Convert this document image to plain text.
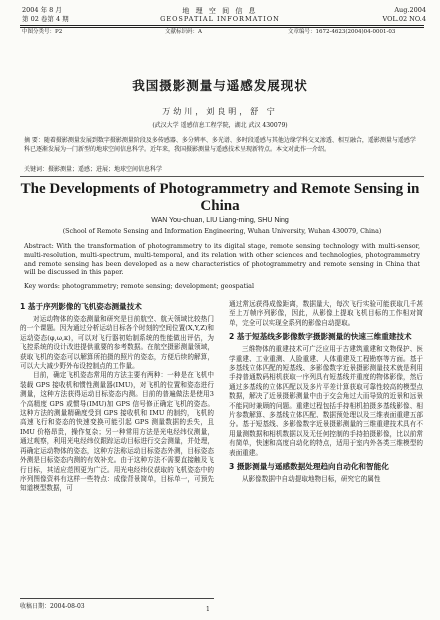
2004 年 8 月
第 02 卷第 4 期
地 理 空 间 信 息
GEOSPATIAL INFORMATION
Aug.2004
VOL.02 NO.4
中图分类号：P2	文献标识码：A	文章编号：1672-4623(2004)04-0001-03
我国摄影测量与遥感发展现状
万幼川，刘良明，舒 宁
(武汉大学 遥感信息工程学院，湖北 武汉 430079)
摘 要：随着摄影测量发展到数字摄影测量阶段及多传感器、多分辨率、多光谱、多时段遥感与其他边缘学科交叉渗透、相互融合，遥影测量与遥感学科已逐渐发展为一门新型的地球空间信息科学。近年来，我国摄影测量与遥感技术呈现新特点。本文对此作一介绍。
关键词：摄影测量；遥感；进展；地球空间信息科学
The Developments of Photogrammetry and Remote Sensing in China
WAN You-chuan, LIU Liang-ming, SHU Ning
(School of Remote Sensing and Information Engineering, Wuhan University, Wuhan 430079, China)
Abstract: With the transformation of photogrammetry to its digital stage, remote sensing technology with multi-sensor, multi-resolution, multi-spectrum, multi-temporal, and its relation with other sciences and technologies, photogrammetry and remote sensing has been developed as a new characteristics of photogrammetry and remote sensing in China that will be discussed in this paper.
Key words: photogrammetry; remote sensing; development; geospatial
1 基于序列影像的飞机姿态测量技术

对运动物体的姿态测量和研究是目前航空、航天领域比较热门的一个课题。因为通过分析运动目标各个时刻的空间位置(X,Y,Z)和运动姿态(φ,ω,κ)，可以对飞行器初始制系统的性能做出评估，为飞控系统的设计改进提供重要的参考数据。在航空摄影测量领域，获取飞机的姿态可以解算所拍摄的照片的姿态，方便后续的解算，可以大大减少野外布设控制点的工作量。

目前，确定飞机姿态常用的方法主要有两种：一种是在飞机中装载 GPS 接收机和惯性测量器(IMU)，对飞机的位置和姿态进行测量，这种方法获得运动目标姿态内测。目前的普遍做法是使用3个高精度 GPS 或惯导(IMU)加 GPS 信号修正确定飞机的姿态。这种方法的测量精确度受到 GPS 接收机和 IMU 的制约，飞机的高速飞行和姿态的快速变换可能引起 GPS 测量数据的丢失，且 IMU 价格昂贵，操作复杂；另一种常用方法是光电经纬仪测量，通过观察，利用光电经纬仪跟踪运动目标进行交会测量，并处理，再确定运动物体的姿态，这种方法称运动目标姿态外测，目标姿态外测是目标姿态内测的有效补充。由于这种方法不需要直接触及飞行目标，其适应范围更为广泛。用光电经纬仪获取的飞机姿态中的序列图像资料有这样一些特点：成像背景简单，目标单一，可预先知道模型数据，可

通过常远获得成像距离，数据量大，每次飞行实验可能获取几千甚至上万帧序列影像，因此，从影像上提取飞机目标的工作相对简单，完全可以实现全系列的影像自动提取。

2 基于短基线多影像数字摄影测量的快速三维重建技术

三维物体的重建技术可广泛应用于古建筑重建和文物保护、医学重建、工业重测、人脸重建、人体重建及工程勘察等方面。基于多基线立体匹配的短基线、多影像数字近景摄影测量技术就是利用手持普通数码相机获取一序列具有短基线并重度的物体影像，然后通过多基线的立体匹配以及多片平差计算获取可靠性较高的模型点数据，解决了近景摄影测量中由于交会角过大而导致的近景和远景不能同时兼顾的问题。重建过程包括手持相机拍摄多基线影像、相片参数解算、多基线立体匹配、数据预处理以及三维表面重建五部分。基于短基线、多影像数字近景摄影测量的三维重建技术具有不用量测数据和相机数据以及无任何控制的手持拍摄影像，比以前常有简单，快速和高度自动化的特点，适用于室内外各类三维模型的表面重建。

3 摄影测量与遥感数据处理趋向自动化和智能化

从影像数据中自动提取地物目标，研究它的属性

收稿日期：2004-08-03	1
